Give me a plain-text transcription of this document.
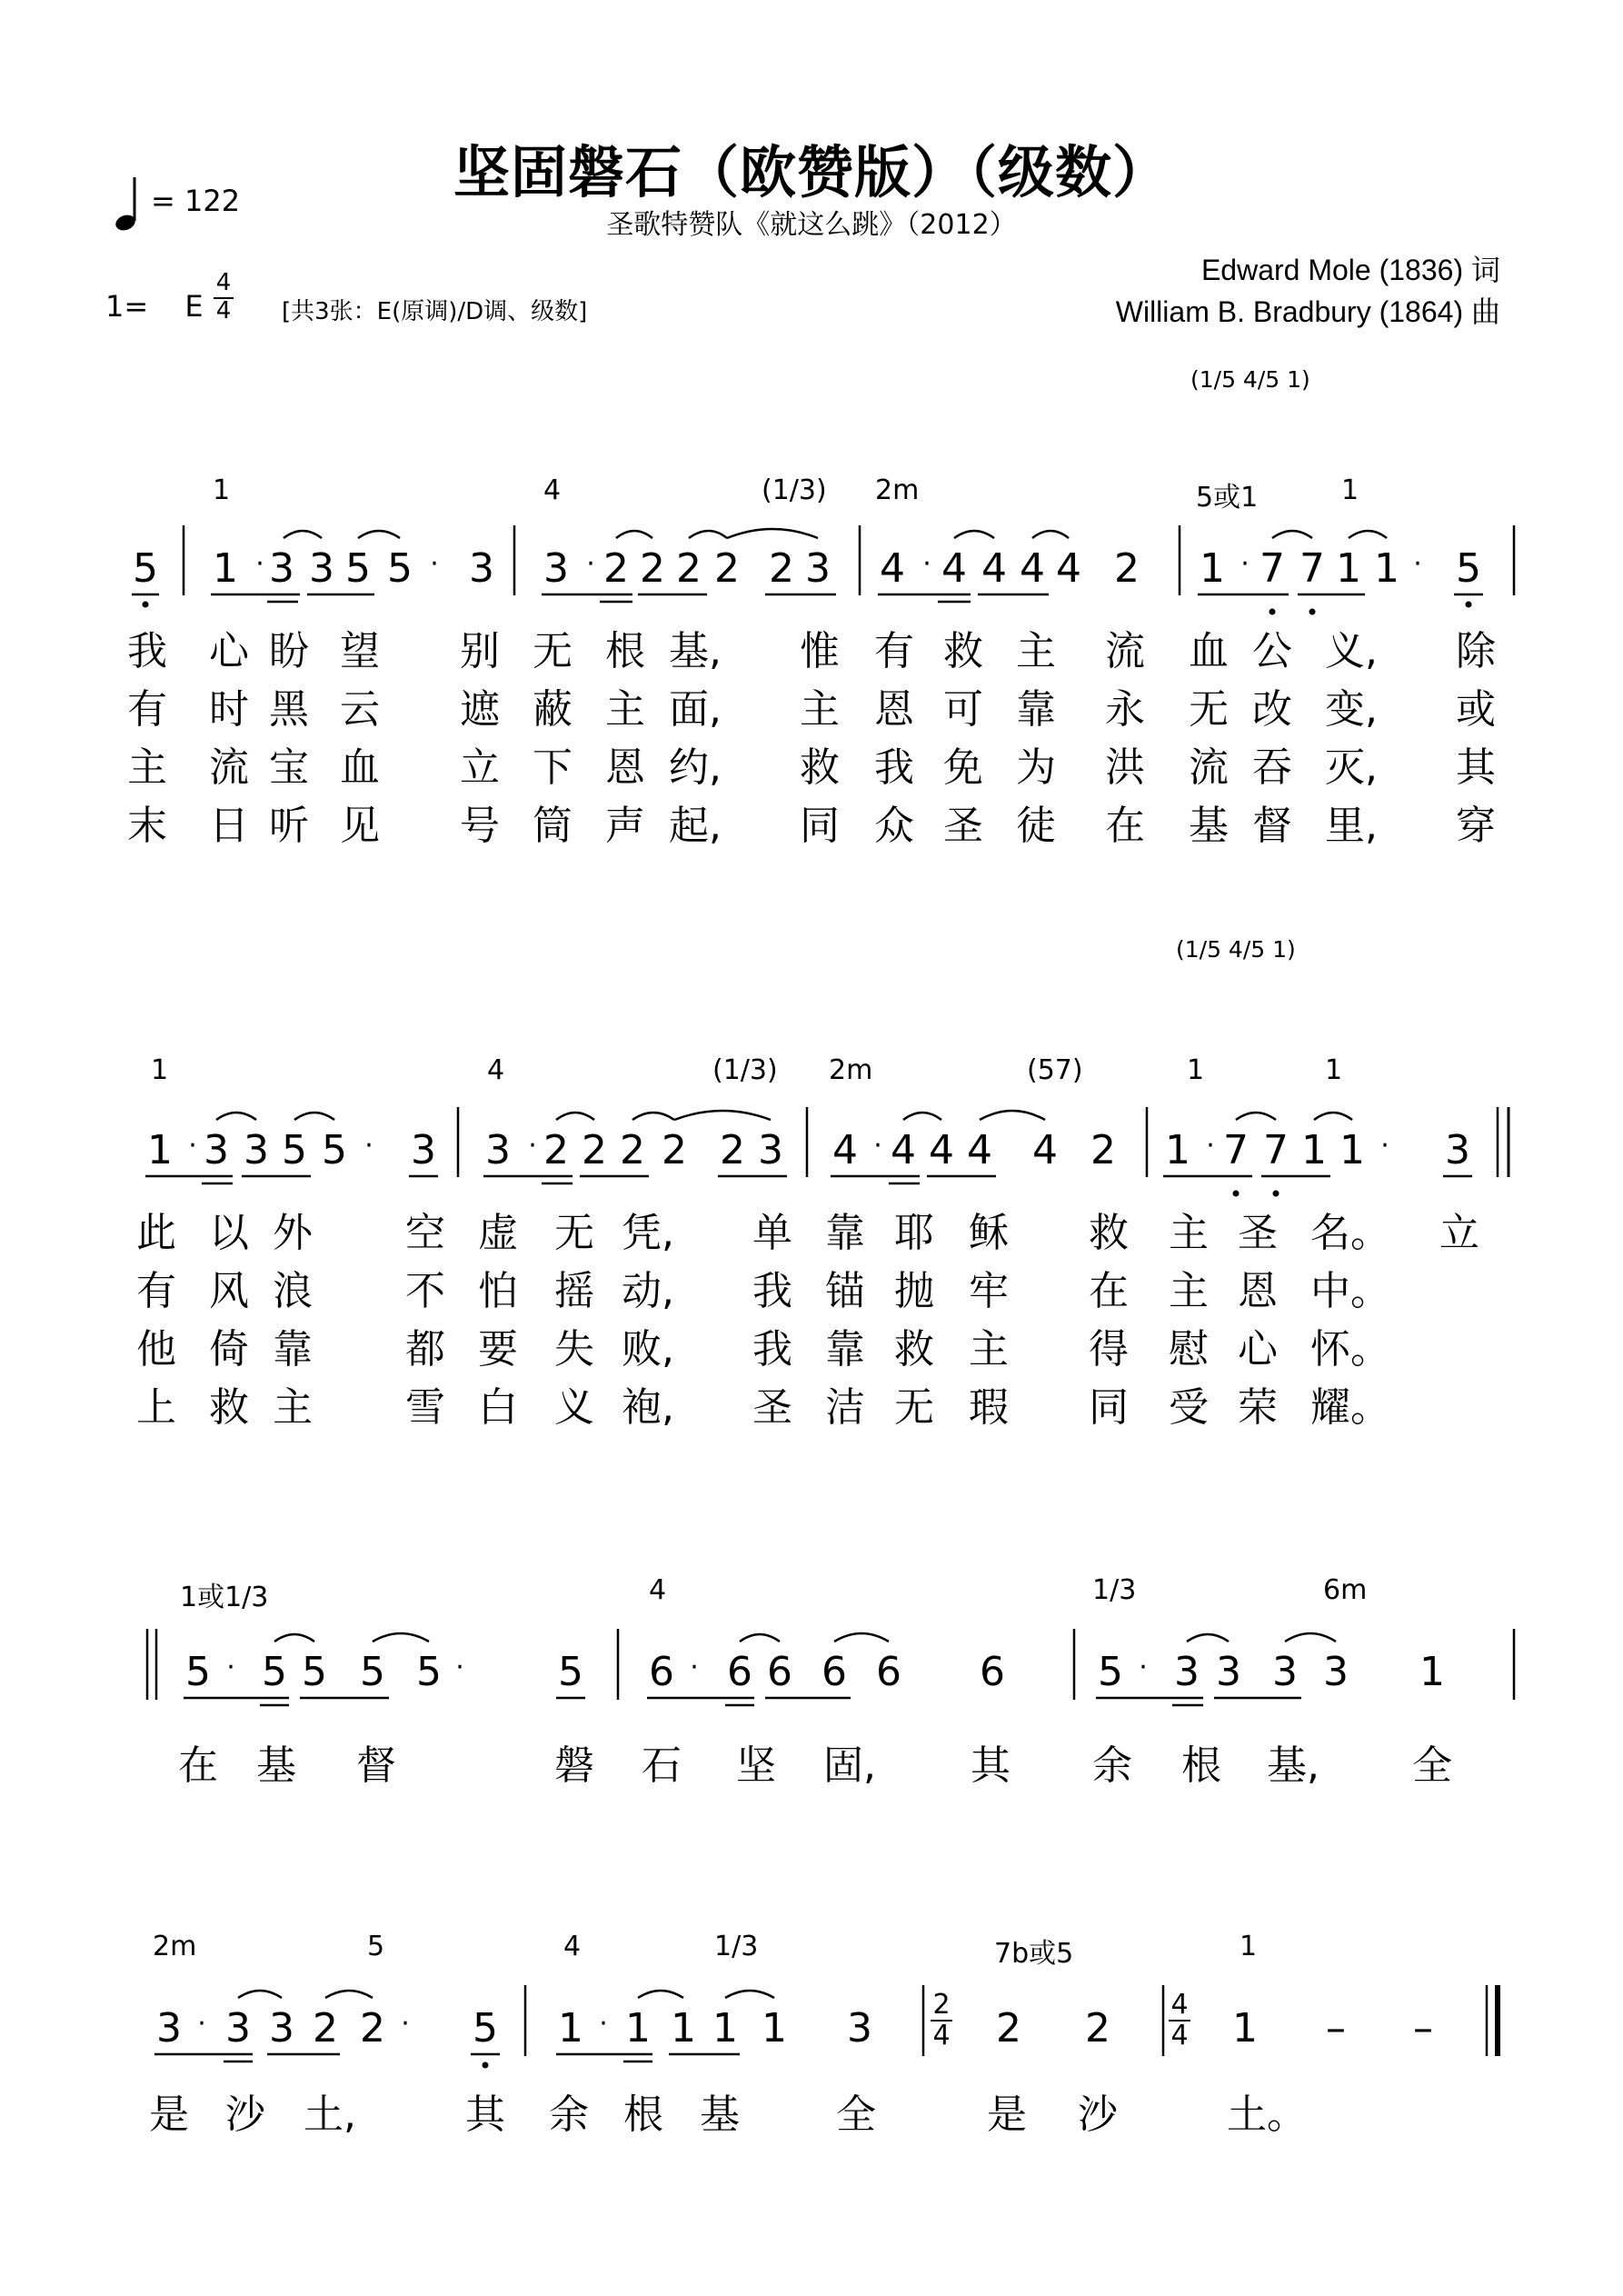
坚固磐石（欧赞版）（级数）
圣歌特赞队《就这么跳》（2012）
= 122
1= E
4
4 [共3张：E(原调)/D调、级数]
Edward Mole (1836) 词
William B. Bradbury (1864) 曲
(1/5 4/5 1)
1	4	(1/3) 2m	5或1	1
5 1 · 3 3 5 5 · 3 3 · 2 2 2 2 2 3 4 · 4 4 4 4 2 1 · 7 7 1 1 · 5
我 心 盼 望 别 无 根 基, 惟 有 救 主 流 血 公 义, 除
有 时 黑 云 遮 蔽 主 面, 主 恩 可 靠 永 无 改 变, 或
主 流 宝 血 立 下 恩 约, 救 我 免 为 洪 流 吞 灭, 其
末 日 听 见 号 筒 声 起, 同 众 圣 徒 在 基 督 里, 穿
(1/5 4/5 1)
1	4	(1/3) 2m	(57)	1	1
1 · 3 3 5 5 · 3 3 · 2 2 2 2 2 3 4 · 4 4 4 4 2 1 · 7 7 1 1 · 3
此 以 外 空 虚 无 凭, 单 靠 耶 稣 救 主 圣 名。 立
有 风 浪 不 怕 摇 动, 我 锚 抛 牢 在 主 恩 中。
他 倚 靠 都 要 失 败, 我 靠 救 主 得 慰 心 怀。
上 救 主 雪 白 义 袍, 圣 洁 无 瑕 同 受 荣 耀。
1或1/3	4	1/3	6m
5 · 5 5 5 5 · 5 6 · 6 6 6 6 6 5 · 3 3 3 3 1
在 基 督	磐 石 坚 固, 其 余 根 基, 全
2m	5	4	1/3	7b或5	1
2
4
4
4
3 · 3 3 2 2 · 5 1 · 1 1 1 1 3	2 2	1 – –
是 沙 土,	其 余 根 基 全	是 沙	土。
